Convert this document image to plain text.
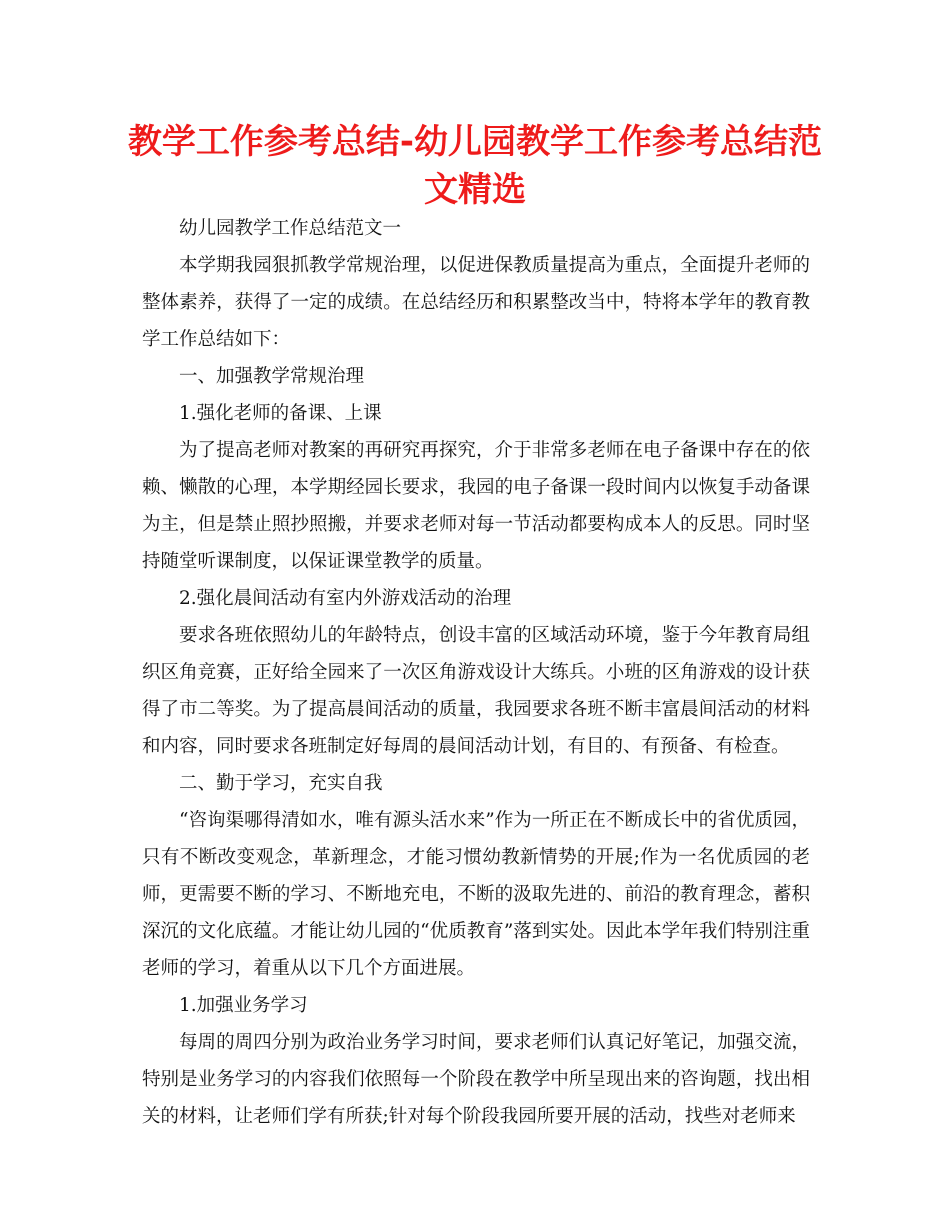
教学工作参考总结-幼儿园教学工作参考总结范文精选

幼儿园教学工作总结范文一

本学期我园狠抓教学常规治理，以促进保教质量提高为重点，全面提升老师的整体素养，获得了一定的成绩。在总结经历和积累整改当中，特将本学年的教育教学工作总结如下：

一、加强教学常规治理

1.强化老师的备课、上课

为了提高老师对教案的再研究再探究，介于非常多老师在电子备课中存在的依赖、懒散的心理，本学期经园长要求，我园的电子备课一段时间内以恢复手动备课为主，但是禁止照抄照搬，并要求老师对每一节活动都要构成本人的反思。同时坚持随堂听课制度，以保证课堂教学的质量。

2.强化晨间活动有室内外游戏活动的治理

要求各班依照幼儿的年龄特点，创设丰富的区域活动环境，鉴于今年教育局组织区角竞赛，正好给全园来了一次区角游戏设计大练兵。小班的区角游戏的设计获得了市二等奖。为了提高晨间活动的质量，我园要求各班不断丰富晨间活动的材料和内容，同时要求各班制定好每周的晨间活动计划，有目的、有预备、有检查。

二、勤于学习，充实自我

“咨询渠哪得清如水，唯有源头活水来”作为一所正在不断成长中的省优质园，只有不断改变观念，革新理念，才能习惯幼教新情势的开展;作为一名优质园的老师，更需要不断的学习、不断地充电，不断的汲取先进的、前沿的教育理念，蓄积深沉的文化底蕴。才能让幼儿园的“优质教育”落到实处。因此本学年我们特别注重老师的学习，着重从以下几个方面进展。

1.加强业务学习

每周的周四分别为政治业务学习时间，要求老师们认真记好笔记，加强交流，特别是业务学习的内容我们依照每一个阶段在教学中所呈现出来的咨询题，找出相关的材料，让老师们学有所获;针对每个阶段我园所要开展的活动，找些对老师来
